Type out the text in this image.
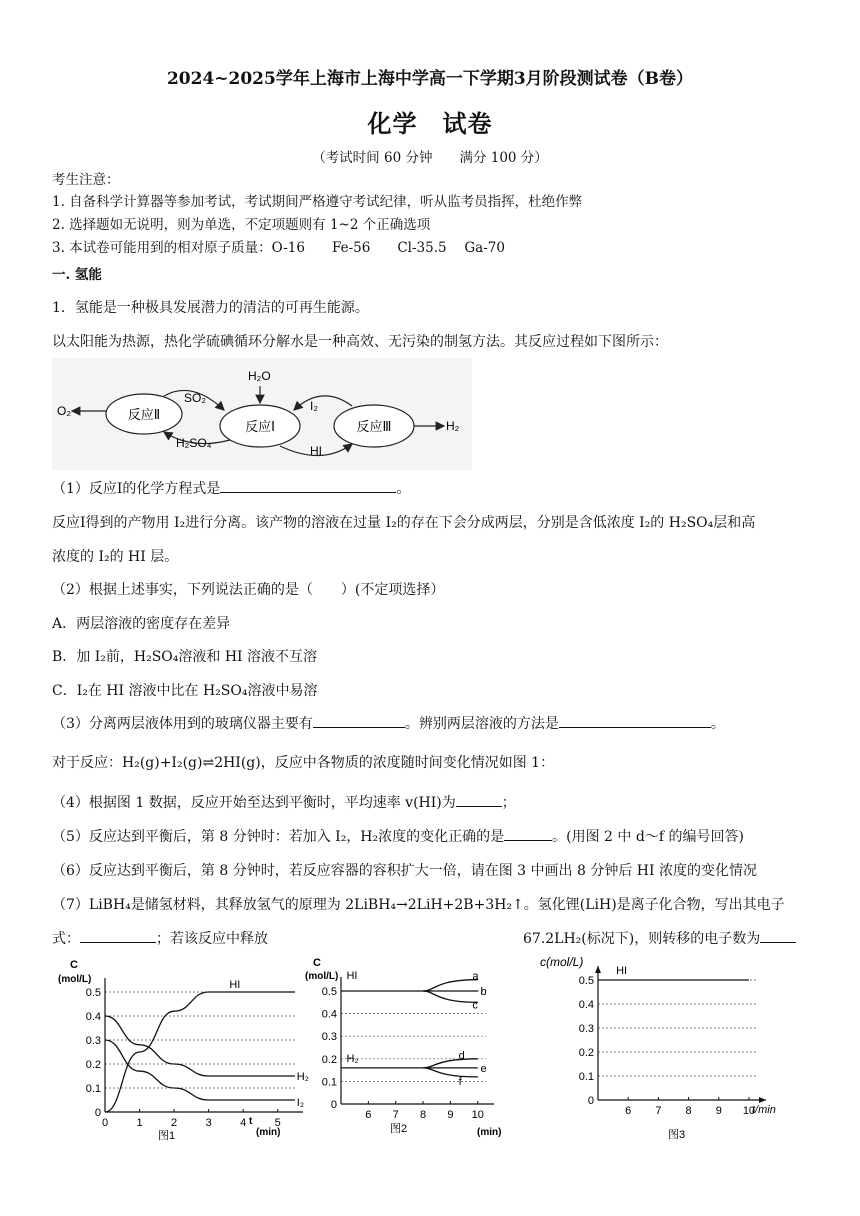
2024~2025学年上海市上海中学高一下学期3月阶段测试卷（B卷）
化学　试卷
（考试时间 60 分钟　　满分 100 分）
考生注意：
1. 自备科学计算器等参加考试，考试期间严格遵守考试纪律，听从监考员指挥，杜绝作弊
2. 选择题如无说明，则为单选，不定项题则有 1~2 个正确选项
3. 本试卷可能用到的相对原子质量：O-16　　Fe-56　　Cl-35.5　 Ga-70
一. 氢能
1．氢能是一种极具发展潜力的清洁的可再生能源。
以太阳能为热源，热化学硫碘循环分解水是一种高效、无污染的制氢方法。其反应过程如下图所示：
反应Ⅱ
反应Ⅰ	反应Ⅲ
O₂
H₂
H₂O
SO₂
H₂SO₄
I₂
HI
（1）反应Ⅰ的化学方程式是	。
反应Ⅰ得到的产物用 I₂进行分离。该产物的溶液在过量 I₂的存在下会分成两层，分别是含低浓度 I₂的 H₂SO₄层和高
浓度的 I₂的 HI 层。
（2）根据上述事实，下列说法正确的是（　　）(不定项选择）
A．两层溶液的密度存在差异
B．加 I₂前，H₂SO₄溶液和 HI 溶液不互溶
C．I₂在 HI 溶液中比在 H₂SO₄溶液中易溶
（3）分离两层液体用到的玻璃仪器主要有	。辨别两层溶液的方法是	。
对于反应：H₂(g)+I₂(g)⇌2HI(g)，反应中各物质的浓度随时间变化情况如图 1：
（4）根据图 1 数据，反应开始至达到平衡时，平均速率 v(HI)为	；
（5）反应达到平衡后，第 8 分钟时：若加入 I₂，H₂浓度的变化正确的是	。(用图 2 中 d～f 的编号回答)
（6）反应达到平衡后，第 8 分钟时，若反应容器的容积扩大一倍，请在图 3 中画出 8 分钟后 HI 浓度的变化情况
（7）LiBH₄是储氢材料，其释放氢气的原理为 2LiBH₄→2LiH+2B+3H₂↑。氢化锂(LiH)是离子化合物，写出其电子
式：	；若该反应中释放	67.2LH₂(标况下)，则转移的电子数为
C
(mol/L)
(min)
t
图1
0
0.1
0.2
0.3
0.4
0.5
0	1	2	3	4	5
HI
H₂
I₂
C
(mol/L)
(min)
图2
0
0.1
0.2
0.3
0.4
0.5
6 7 8 9 10
HI	a
b
c
H₂	d
e
f
c(mol/L)
t/min
图3
0
0.1
0.2
0.3
0.4
0.5
6 7 8 9 10
HI
